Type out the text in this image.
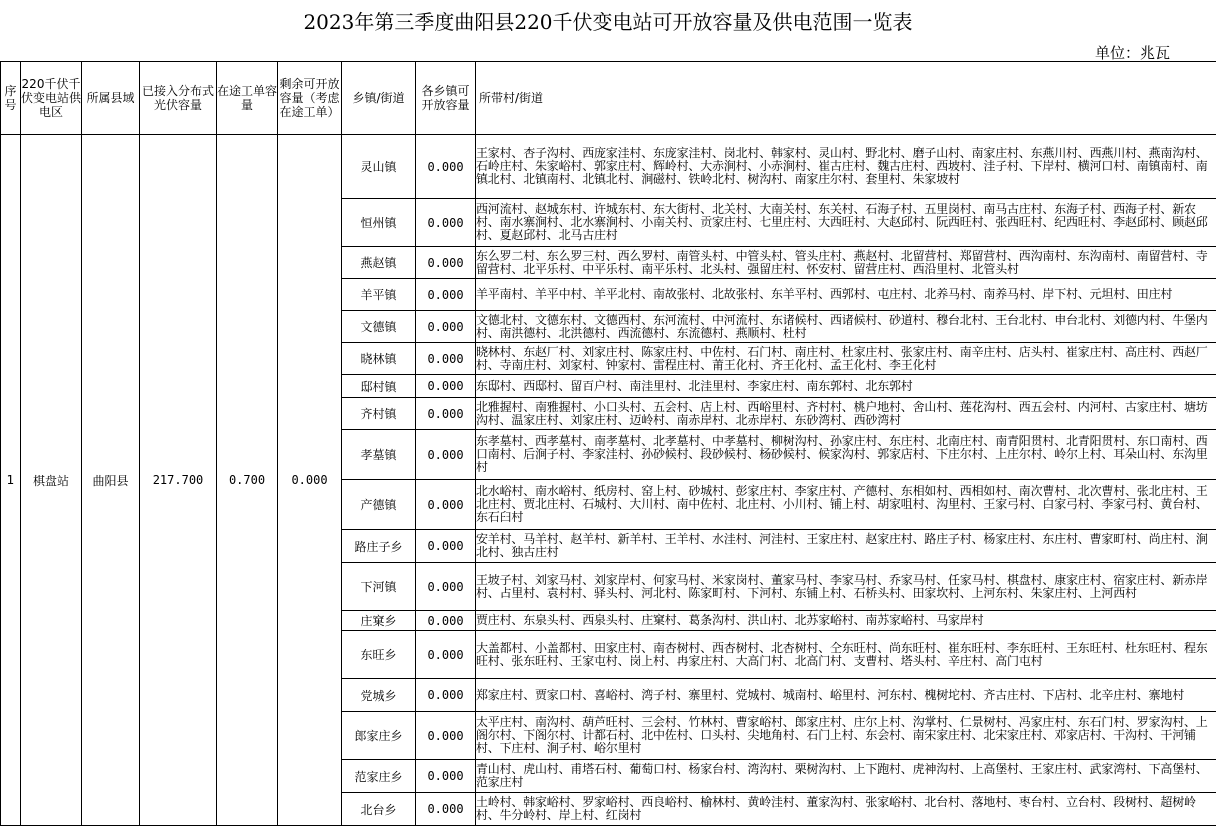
2023年第三季度曲阳县220千伏变电站可开放容量及供电范围一览表
单位：兆瓦
序号	220千伏千伏变电站供电区	所属县域	已接入分布式光伏容量	在途工单容量	剩余可开放容量（考虑在途工单）	乡镇/街道	各乡镇可开放容量	所带村/街道
1	棋盘站	曲阳县	217.700	0.700	0.000	灵山镇	0.000	王家村、杏子沟村、西庞家洼村、东庞家洼村、岗北村、韩家村、灵山村、野北村、磨子山村、南家庄村、东燕川村、西燕川村、燕南沟村、石岭庄村、朱家峪村、郭家庄村、辉岭村、大赤涧村、小赤涧村、崔古庄村、魏古庄村、西坡村、洼子村、下岸村、横河口村、南镇南村、南镇北村、北镇南村、北镇北村、涧磁村、铁岭北村、树沟村、南家庄尔村、套里村、朱家坡村
						恒州镇	0.000	西河流村、赵城东村、许城东村、东大街村、北关村、大南关村、东关村、石海子村、五里岗村、南马古庄村、东海子村、西海子村、新农村、南水寨涧村、北水寨涧村、小南关村、贡家庄村、七里庄村、大西旺村、大赵邱村、阮西旺村、张西旺村、纪西旺村、李赵邱村、顾赵邱村、夏赵邱村、北马古庄村
						燕赵镇	0.000	东么罗二村、东么罗三村、西么罗村、南管头村、中管头村、管头庄村、燕赵村、北留营村、郑留营村、西沟南村、东沟南村、南留营村、寺留营村、北平乐村、中平乐村、南平乐村、北头村、强留庄村、怀安村、留营庄村、西沿里村、北管头村
						羊平镇	0.000	羊平南村、羊平中村、羊平北村、南故张村、北故张村、东羊平村、西郭村、屯庄村、北养马村、南养马村、岸下村、元坦村、田庄村
						文德镇	0.000	文德北村、文德东村、文德西村、东河流村、中河流村、东诸候村、西诸候村、砂道村、穆台北村、王台北村、申台北村、刘德内村、牛堡内村、南洪德村、北洪德村、西流德村、东流德村、燕顺村、杜村
						晓林镇	0.000	晓林村、东赵厂村、刘家庄村、陈家庄村、中佐村、石门村、南庄村、杜家庄村、张家庄村、南辛庄村、店头村、崔家庄村、高庄村、西赵厂村、寺南庄村、刘家村、钟家村、雷程庄村、莆王化村、齐王化村、孟王化村、李王化村
						邸村镇	0.000	东邸村、西邸村、留百户村、南洼里村、北洼里村、李家庄村、南东郭村、北东郭村
						齐村镇	0.000	北雅握村、南雅握村、小口头村、五会村、店上村、西峪里村、齐村村、桃户地村、舍山村、莲花沟村、西五会村、内河村、古家庄村、塘坊沟村、温家庄村、刘家庄村、迈岭村、南赤岸村、北赤岸村、东砂湾村、西砂湾村
						孝墓镇	0.000	东孝墓村、西孝墓村、南孝墓村、北孝墓村、中孝墓村、柳树沟村、孙家庄村、东庄村、北南庄村、南青阳贯村、北青阳贯村、东口南村、西口南村、后涧子村、李家洼村、孙砂候村、段砂候村、杨砂候村、候家沟村、郭家店村、下庄尔村、上庄尔村、岭尔上村、耳朵山村、东沟里村
						产德镇	0.000	北水峪村、南水峪村、纸房村、窑上村、砂城村、彭家庄村、李家庄村、产德村、东相如村、西相如村、南次曹村、北次曹村、张北庄村、王北庄村、贾北庄村、石城村、大川村、南中佐村、北庄村、小川村、铺上村、胡家咀村、沟里村、王家弓村、白家弓村、李家弓村、黄台村、东石臼村
						路庄子乡	0.000	安羊村、马羊村、赵羊村、新羊村、王羊村、水洼村、河洼村、王家庄村、赵家庄村、路庄子村、杨家庄村、东庄村、曹家町村、尚庄村、涧北村、独古庄村
						下河镇	0.000	王坡子村、刘家马村、刘家岸村、何家马村、米家岗村、董家马村、李家马村、乔家马村、任家马村、棋盘村、康家庄村、宿家庄村、新赤岸村、占里村、袁村村、驿头村、河北村、陈家町村、下河村、东铺上村、石桥头村、田家坎村、上河东村、朱家庄村、上河西村
						庄窠乡	0.000	贾庄村、东泉头村、西泉头村、庄窠村、葛条沟村、洪山村、北苏家峪村、南苏家峪村、马家岸村
						东旺乡	0.000	大盖都村、小盖都村、田家庄村、南杏树村、西杏树村、北杏树村、仝东旺村、尚东旺村、崔东旺村、李东旺村、王东旺村、杜东旺村、程东旺村、张东旺村、王家屯村、岗上村、冉家庄村、大高门村、北高门村、支曹村、塔头村、辛庄村、高门屯村
						党城乡	0.000	郑家庄村、贾家口村、喜峪村、湾子村、寨里村、党城村、城南村、峪里村、河东村、槐树坨村、齐古庄村、下店村、北辛庄村、寨地村
						郎家庄乡	0.000	太平庄村、南沟村、葫芦旺村、三会村、竹林村、曹家峪村、郎家庄村、庄尔上村、沟掌村、仁景树村、冯家庄村、东石门村、罗家沟村、上阁尔村、下阁尔村、计都石村、北中佐村、口头村、尖地角村、石门上村、东会村、南宋家庄村、北宋家庄村、邓家店村、干沟村、干河铺村、下庄村、涧子村、峪尔里村
						范家庄乡	0.000	青山村、虎山村、甫塔石村、葡萄口村、杨家台村、湾沟村、栗树沟村、上下跑村、虎神沟村、上高堡村、王家庄村、武家湾村、下高堡村、范家庄村
						北台乡	0.000	土岭村、韩家峪村、罗家峪村、西良峪村、榆林村、黄岭洼村、董家沟村、张家峪村、北台村、落地村、枣台村、立台村、段树村、超树岭村、牛分岭村、岸上村、红岗村
